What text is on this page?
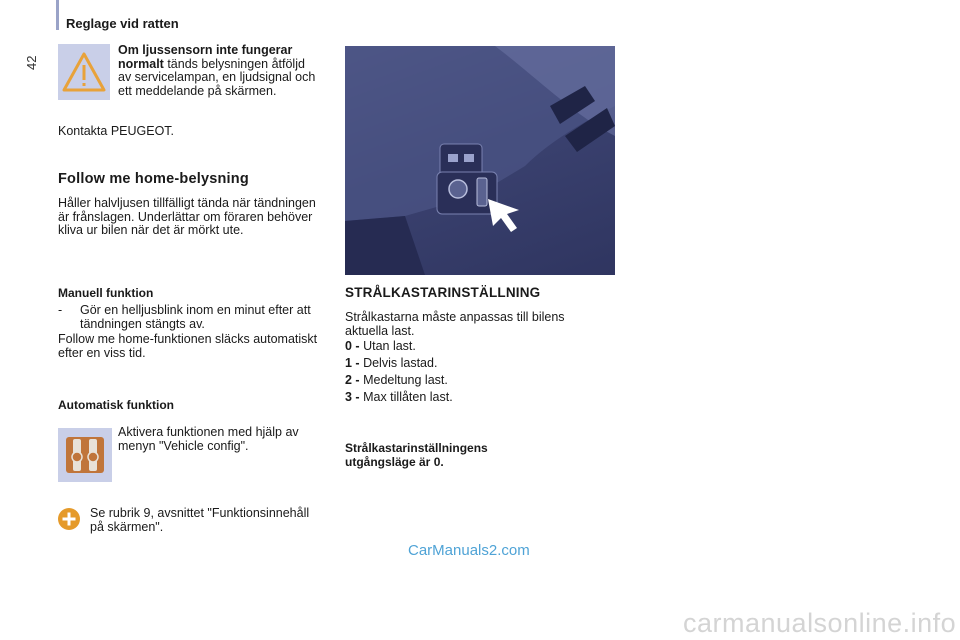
42
Reglage vid ratten
Om ljussensorn inte fungerar normalt tänds belysningen åtföljd av servicelampan, en ljudsignal och ett meddelande på skärmen.
Kontakta PEUGEOT.
Follow me home-belysning
Håller halvljusen tillfälligt tända när tändningen är frånslagen. Underlättar om föraren behöver kliva ur bilen när det är mörkt ute.
Manuell funktion
- Gör en helljusblink inom en minut efter att tändningen stängts av.
Follow me home-funktionen släcks automatiskt efter en viss tid.
Automatisk funktion
Aktivera funktionen med hjälp av menyn "Vehicle config".
Se rubrik 9, avsnittet "Funktionsinnehåll på skärmen".
STRÅLKASTARINSTÄLLNING
Strålkastarna måste anpassas till bilens aktuella last.
0 - Utan last.
1 - Delvis lastad.
2 - Medeltung last.
3 - Max tillåten last.
Strålkastarinställningens utgångsläge är 0.
CarManuals2.com
carmanualsonline.info
